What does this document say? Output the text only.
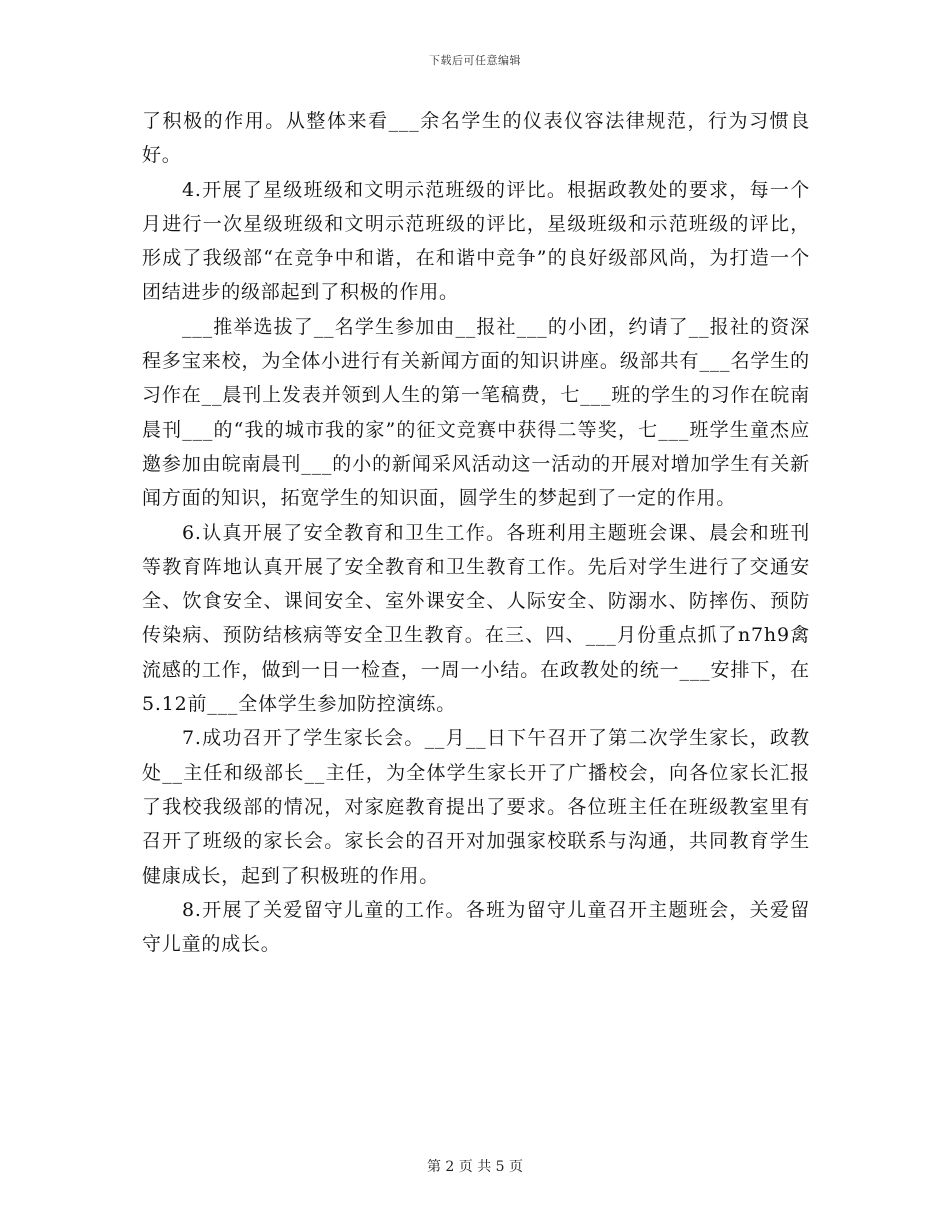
下载后可任意编辑

了积极的作用。从整体来看___余名学生的仪表仪容法律规范，行为习惯良好。

4.开展了星级班级和文明示范班级的评比。根据政教处的要求，每一个月进行一次星级班级和文明示范班级的评比，星级班级和示范班级的评比，形成了我级部“在竞争中和谐，在和谐中竞争”的良好级部风尚，为打造一个团结进步的级部起到了积极的作用。

___推举选拔了__名学生参加由__报社___的小团，约请了__报社的资深程多宝来校，为全体小进行有关新闻方面的知识讲座。级部共有___名学生的习作在__晨刊上发表并领到人生的第一笔稿费，七___班的学生的习作在皖南晨刊___的“我的城市我的家”的征文竞赛中获得二等奖，七___班学生童杰应邀参加由皖南晨刊___的小的新闻采风活动这一活动的开展对增加学生有关新闻方面的知识，拓宽学生的知识面，圆学生的梦起到了一定的作用。

6.认真开展了安全教育和卫生工作。各班利用主题班会课、晨会和班刊等教育阵地认真开展了安全教育和卫生教育工作。先后对学生进行了交通安全、饮食安全、课间安全、室外课安全、人际安全、防溺水、防摔伤、预防传染病、预防结核病等安全卫生教育。在三、四、___月份重点抓了n7h9禽流感的工作，做到一日一检查，一周一小结。在政教处的统一___安排下，在5.12前___全体学生参加防控演练。

7.成功召开了学生家长会。__月__日下午召开了第二次学生家长，政教处__主任和级部长__主任，为全体学生家长开了广播校会，向各位家长汇报了我校我级部的情况，对家庭教育提出了要求。各位班主任在班级教室里有召开了班级的家长会。家长会的召开对加强家校联系与沟通，共同教育学生健康成长，起到了积极班的作用。

8.开展了关爱留守儿童的工作。各班为留守儿童召开主题班会，关爱留守儿童的成长。

第 2 页 共 5 页
